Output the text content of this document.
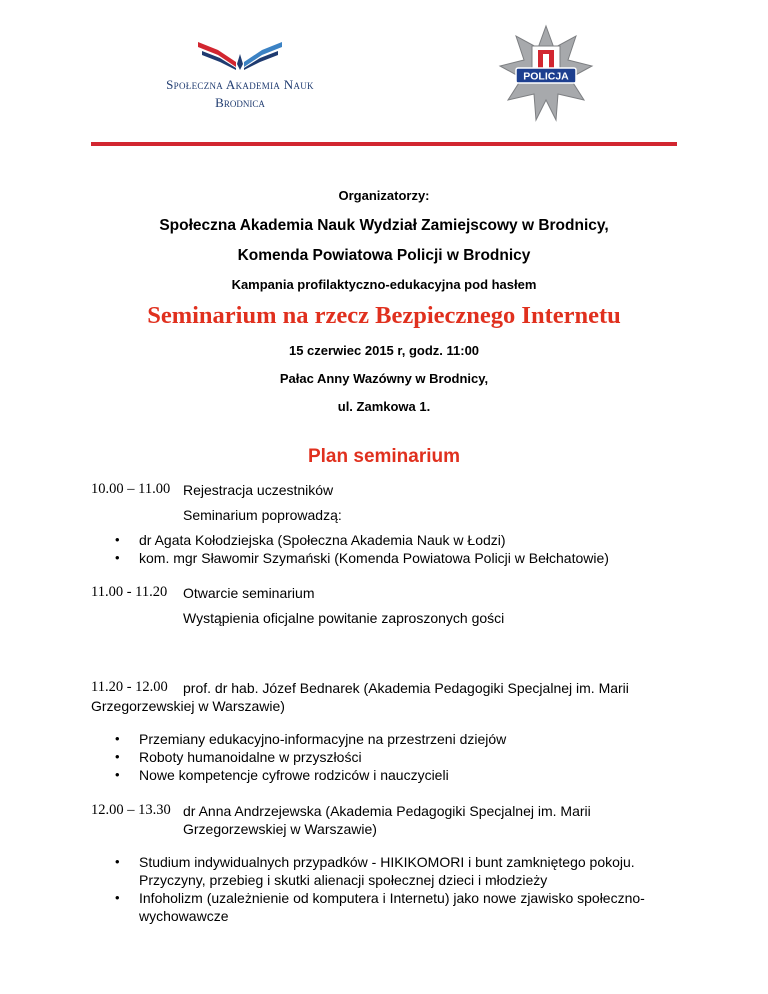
Społeczna Akademia Nauk
Brodnica
POLICJA
Organizatorzy:
Społeczna Akademia Nauk Wydział Zamiejscowy w Brodnicy,
Komenda Powiatowa Policji w Brodnicy
Kampania profilaktyczno-edukacyjna pod hasłem
Seminarium na rzecz Bezpiecznego Internetu
15 czerwiec 2015 r, godz. 11:00
Pałac Anny Wazówny w Brodnicy,
ul. Zamkowa 1.
Plan seminarium
10.00 – 11.00 Rejestracja uczestników
Seminarium poprowadzą:
• dr Agata Kołodziejska (Społeczna Akademia Nauk w Łodzi)
• kom. mgr Sławomir Szymański (Komenda Powiatowa Policji w Bełchatowie)
11.00 - 11.20 Otwarcie seminarium
Wystąpienia oficjalne powitanie zaproszonych gości
11.20 - 12.00 prof. dr hab. Józef Bednarek (Akademia Pedagogiki Specjalnej im. Marii
Grzegorzewskiej w Warszawie)
• Przemiany edukacyjno-informacyjne na przestrzeni dziejów
• Roboty humanoidalne w przyszłości
• Nowe kompetencje cyfrowe rodziców i nauczycieli
12.00 – 13.30 dr Anna Andrzejewska (Akademia Pedagogiki Specjalnej im. Marii
Grzegorzewskiej w Warszawie)
• Studium indywidualnych przypadków - HIKIKOMORI i bunt zamkniętego pokoju.
Przyczyny, przebieg i skutki alienacji społecznej dzieci i młodzieży
• Infoholizm (uzależnienie od komputera i Internetu) jako nowe zjawisko społeczno-
wychowawcze
